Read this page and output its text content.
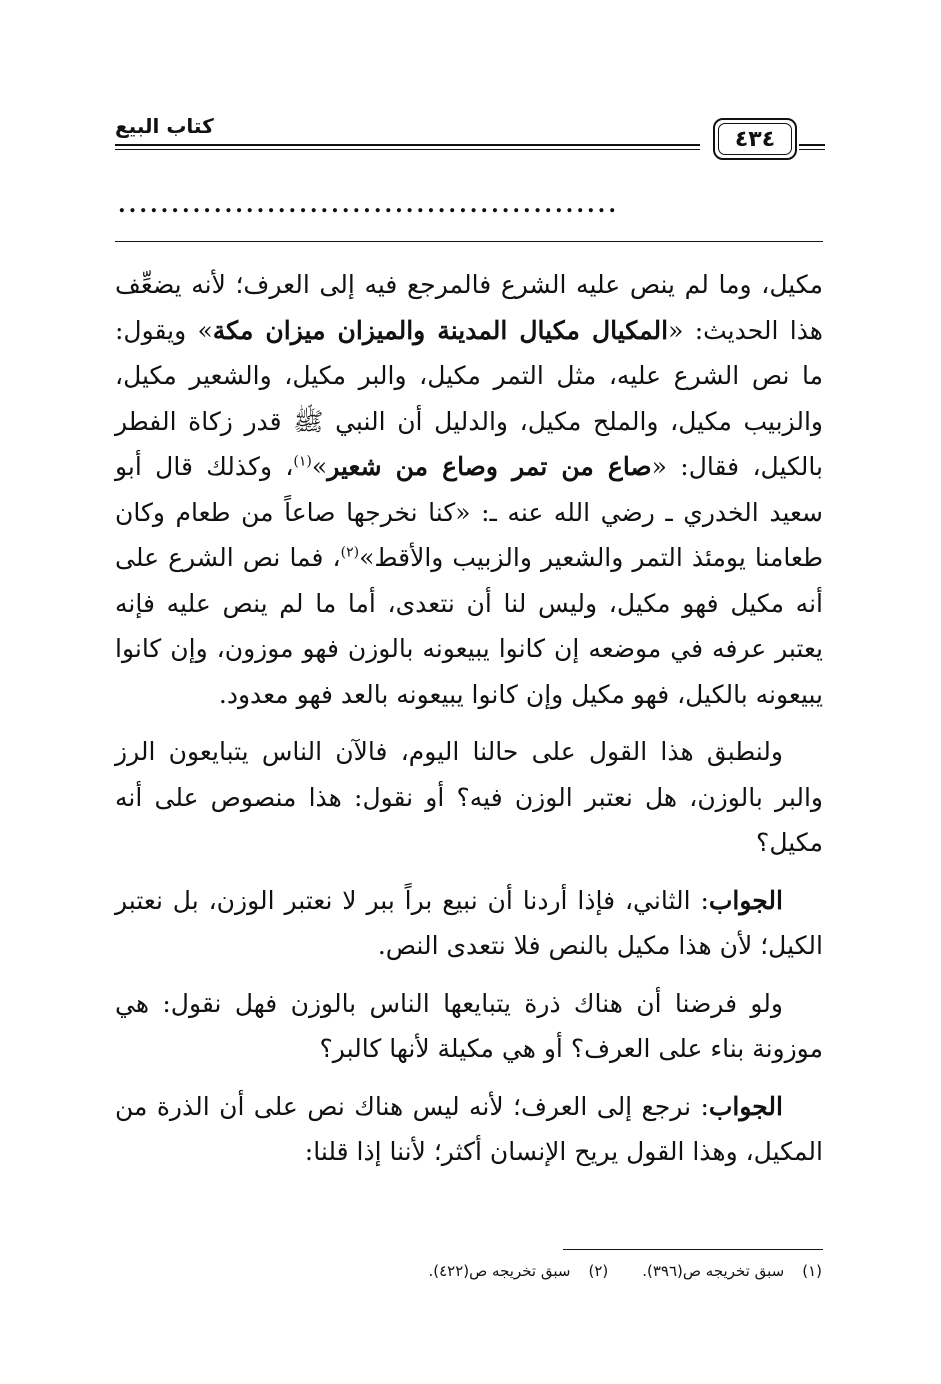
كتاب البيع
٤٣٤
...............................................

مكيل، وما لم ينص عليه الشرع فالمرجع فيه إلى العرف؛ لأنه يضعِّف هذا الحديث: «المكيال مكيال المدينة والميزان ميزان مكة» ويقول: ما نص الشرع عليه، مثل التمر مكيل، والبر مكيل، والشعير مكيل، والزبيب مكيل، والملح مكيل، والدليل أن النبي ﷺ قدر زكاة الفطر بالكيل، فقال: «صاع من تمر وصاع من شعير»$^{(١)}$، وكذلك قال أبو سعيد الخدري ـ رضي الله عنه ـ: «كنا نخرجها صاعاً من طعام وكان طعامنا يومئذ التمر والشعير والزبيب والأقط»$^{(٢)}$، فما نص الشرع على أنه مكيل فهو مكيل، وليس لنا أن نتعدى، أما ما لم ينص عليه فإنه يعتبر عرفه في موضعه إن كانوا يبيعونه بالوزن فهو موزون، وإن كانوا يبيعونه بالكيل، فهو مكيل وإن كانوا يبيعونه بالعد فهو معدود.

ولنطبق هذا القول على حالنا اليوم، فالآن الناس يتبايعون الرز والبر بالوزن، هل نعتبر الوزن فيه؟ أو نقول: هذا منصوص على أنه مكيل؟

الجواب: الثاني، فإذا أردنا أن نبيع براً ببر لا نعتبر الوزن، بل نعتبر الكيل؛ لأن هذا مكيل بالنص فلا نتعدى النص.

ولو فرضنا أن هناك ذرة يتبايعها الناس بالوزن فهل نقول: هي موزونة بناء على العرف؟ أو هي مكيلة لأنها كالبر؟

الجواب: نرجع إلى العرف؛ لأنه ليس هناك نص على أن الذرة من المكيل، وهذا القول يريح الإنسان أكثر؛ لأننا إذا قلنا:

(١)سبق تخريجه ص(٣٩٦).
(٢)سبق تخريجه ص(٤٢٢).
